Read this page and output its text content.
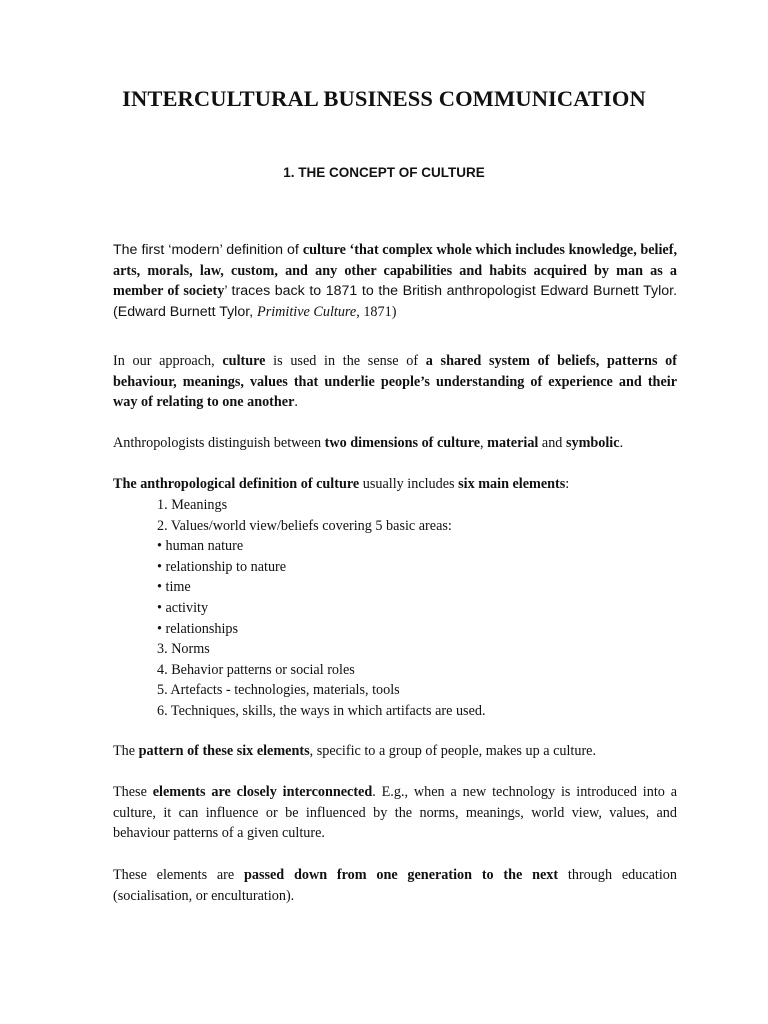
INTERCULTURAL BUSINESS COMMUNICATION
1. THE CONCEPT OF CULTURE

The first ‘modern’ definition of culture ‘that complex whole which includes knowledge, belief, arts, morals, law, custom, and any other capabilities and habits acquired by man as a member of society’ traces back to 1871 to the British anthropologist Edward Burnett Tylor. (Edward Burnett Tylor, Primitive Culture, 1871)

In our approach, culture is used in the sense of a shared system of beliefs, patterns of behaviour, meanings, values that underlie people’s understanding of experience and their way of relating to one another.

Anthropologists distinguish between two dimensions of culture, material and symbolic.

The anthropological definition of culture usually includes six main elements:

1. Meanings
2. Values/world view/beliefs covering 5 basic areas:
• human nature
• relationship to nature
• time
• activity
• relationships
3. Norms
4. Behavior patterns or social roles
5. Artefacts - technologies, materials, tools
6. Techniques, skills, the ways in which artifacts are used.

The pattern of these six elements, specific to a group of people, makes up a culture.

These elements are closely interconnected. E.g., when a new technology is introduced into a culture, it can influence or be influenced by the norms, meanings, world view, values, and behaviour patterns of a given culture.

These elements are passed down from one generation to the next through education (socialisation, or enculturation).
